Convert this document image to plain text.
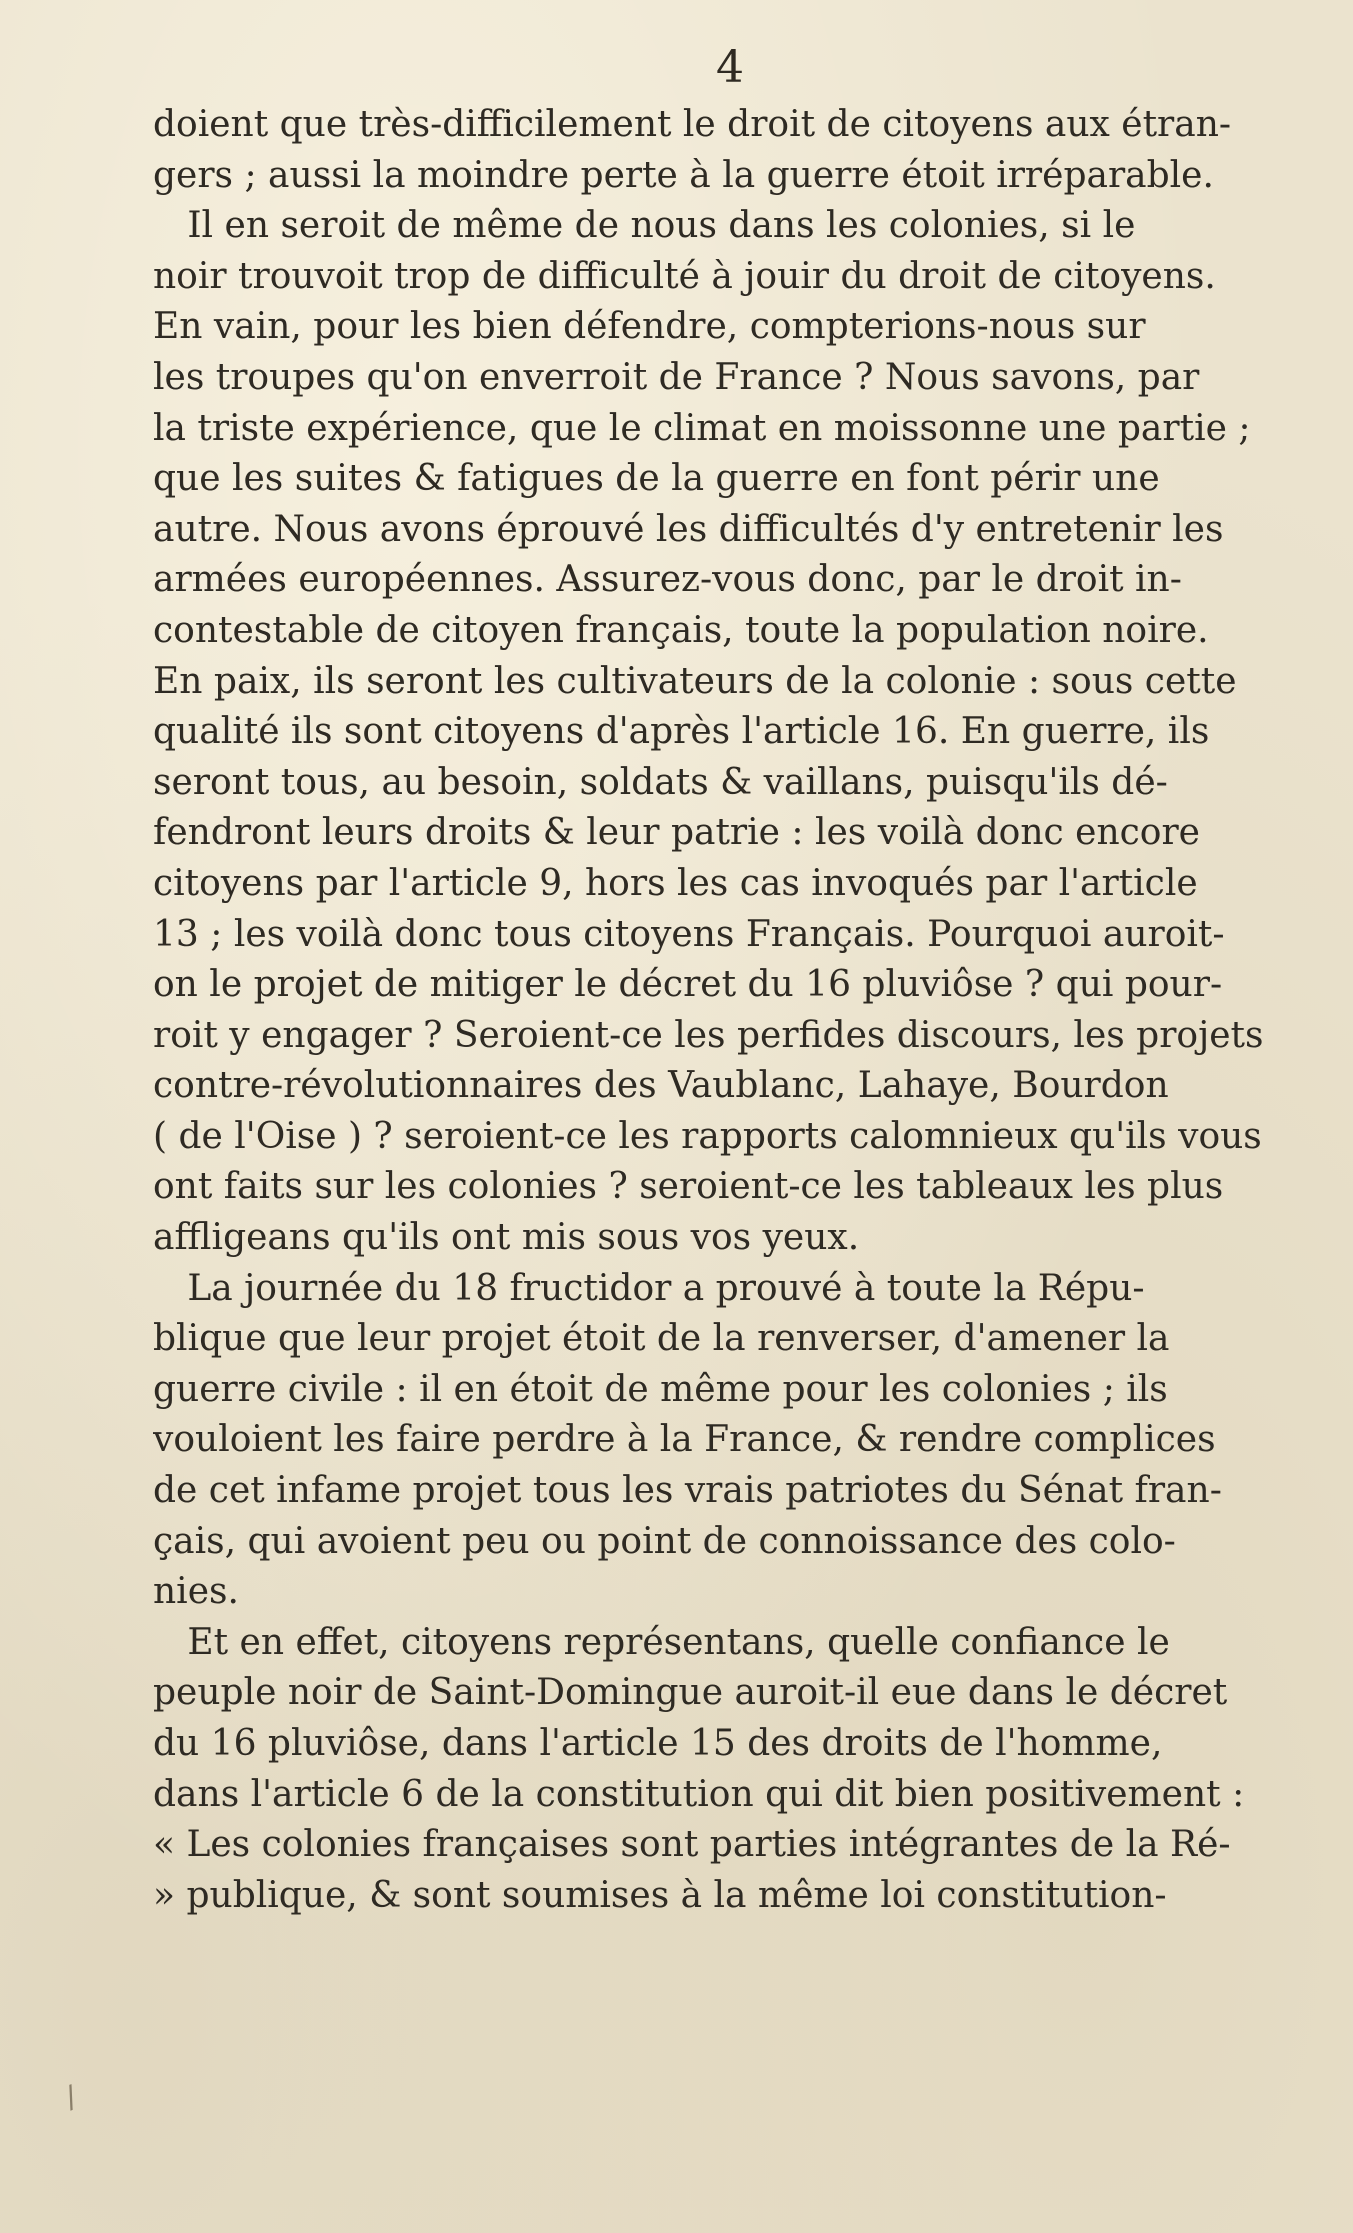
4
doient que très-difficilement le droit de citoyens aux étran-
gers ; aussi la moindre perte à la guerre étoit irréparable.
Il en seroit de même de nous dans les colonies, si le
noir trouvoit trop de difficulté à jouir du droit de citoyens.
En vain, pour les bien défendre, compterions-nous sur
les troupes qu'on enverroit de France ? Nous savons, par
la triste expérience, que le climat en moissonne une partie ;
que les suites & fatigues de la guerre en font périr une
autre. Nous avons éprouvé les difficultés d'y entretenir les
armées européennes. Assurez-vous donc, par le droit in-
contestable de citoyen français, toute la population noire.
En paix, ils seront les cultivateurs de la colonie : sous cette
qualité ils sont citoyens d'après l'article 16. En guerre, ils
seront tous, au besoin, soldats & vaillans, puisqu'ils dé-
fendront leurs droits & leur patrie : les voilà donc encore
citoyens par l'article 9, hors les cas invoqués par l'article
13 ; les voilà donc tous citoyens Français. Pourquoi auroit-
on le projet de mitiger le décret du 16 pluviôse ? qui pour-
roit y engager ? Seroient-ce les perfides discours, les projets
contre-révolutionnaires des Vaublanc, Lahaye, Bourdon
( de l'Oise ) ? seroient-ce les rapports calomnieux qu'ils vous
ont faits sur les colonies ? seroient-ce les tableaux les plus
affligeans qu'ils ont mis sous vos yeux.
La journée du 18 fructidor a prouvé à toute la Répu-
blique que leur projet étoit de la renverser, d'amener la
guerre civile : il en étoit de même pour les colonies ; ils
vouloient les faire perdre à la France, & rendre complices
de cet infame projet tous les vrais patriotes du Sénat fran-
çais, qui avoient peu ou point de connoissance des colo-
nies.
Et en effet, citoyens représentans, quelle confiance le
peuple noir de Saint-Domingue auroit-il eue dans le décret
du 16 pluviôse, dans l'article 15 des droits de l'homme,
dans l'article 6 de la constitution qui dit bien positivement :
« Les colonies françaises sont parties intégrantes de la Ré-
» publique, & sont soumises à la même loi constitution-
/
